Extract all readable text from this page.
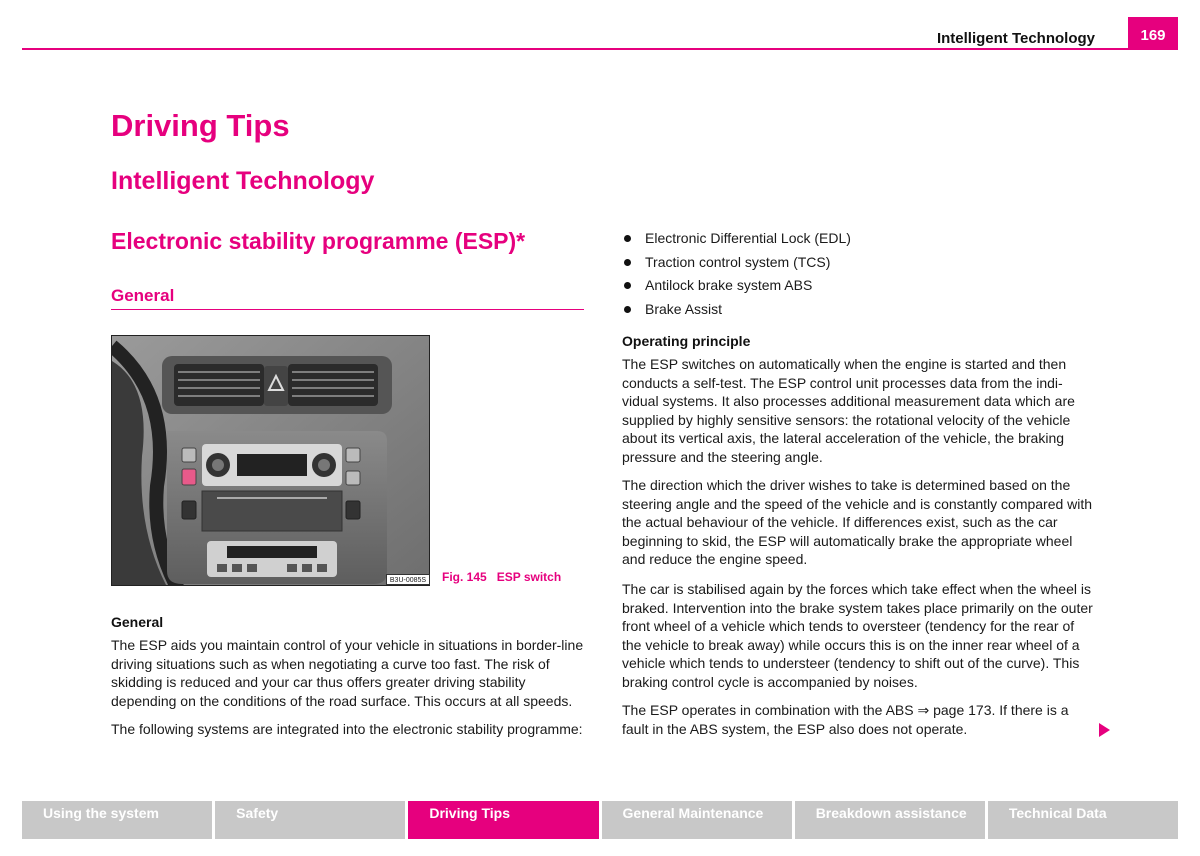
Intelligent Technology	169
Driving Tips
Intelligent Technology
Electronic stability programme (ESP)*
General
B3U-0085S	Fig. 145 ESP switch
General
The ESP aids you maintain control of your vehicle in situations in border-line driving situations such as when negotiating a curve too fast. The risk of skidding is reduced and your car thus offers greater driving stability depending on the conditions of the road surface. This occurs at all speeds.
The following systems are integrated into the electronic stability programme:
Electronic Differential Lock (EDL)
Traction control system (TCS)
Antilock brake system ABS
Brake Assist
Operating principle
The ESP switches on automatically when the engine is started and then conducts a self-test. The ESP control unit processes data from the indi-vidual systems. It also processes additional measurement data which are supplied by highly sensitive sensors: the rotational velocity of the vehicle about its vertical axis, the lateral acceleration of the vehicle, the braking pressure and the steering angle.
The direction which the driver wishes to take is determined based on the steering angle and the speed of the vehicle and is constantly compared with the actual behaviour of the vehicle. If differences exist, such as the car beginning to skid, the ESP will automatically brake the appropriate wheel and reduce the engine speed.
The car is stabilised again by the forces which take effect when the wheel is braked. Intervention into the brake system takes place primarily on the outer front wheel of a vehicle which tends to oversteer (tendency for the rear of the vehicle to break away) while occurs this is on the inner rear wheel of a vehicle which tends to understeer (tendency to shift out of the curve). This braking control cycle is accompanied by noises.
The ESP operates in combination with the ABS ⇒ page 173. If there is a fault in the ABS system, the ESP also does not operate.
Using the system	Safety	Driving Tips	General Maintenance	Breakdown assistance	Technical Data
